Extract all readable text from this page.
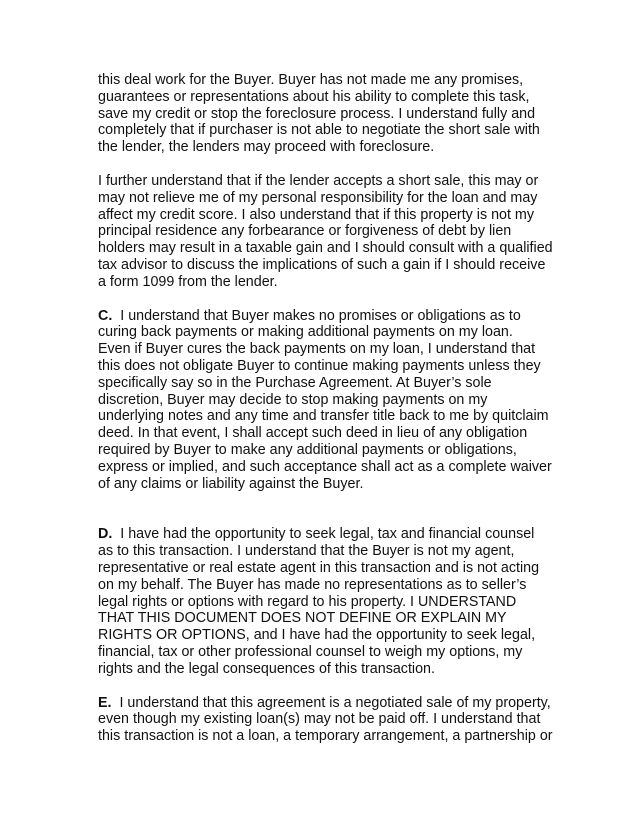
this deal work for the Buyer. Buyer has not made me any promises,
guarantees or representations about his ability to complete this task,
save my credit or stop the foreclosure process. I understand fully and
completely that if purchaser is not able to negotiate the short sale with
the lender, the lenders may proceed with foreclosure.

I further understand that if the lender accepts a short sale, this may or
may not relieve me of my personal responsibility for the loan and may
affect my credit score. I also understand that if this property is not my
principal residence any forbearance or forgiveness of debt by lien
holders may result in a taxable gain and I should consult with a qualified
tax advisor to discuss the implications of such a gain if I should receive
a form 1099 from the lender.

C.  I understand that Buyer makes no promises or obligations as to
curing back payments or making additional payments on my loan.
Even if Buyer cures the back payments on my loan, I understand that
this does not obligate Buyer to continue making payments unless they
specifically say so in the Purchase Agreement. At Buyer’s sole
discretion, Buyer may decide to stop making payments on my
underlying notes and any time and transfer title back to me by quitclaim
deed. In that event, I shall accept such deed in lieu of any obligation
required by Buyer to make any additional payments or obligations,
express or implied, and such acceptance shall act as a complete waiver
of any claims or liability against the Buyer.

D.  I have had the opportunity to seek legal, tax and financial counsel
as to this transaction. I understand that the Buyer is not my agent,
representative or real estate agent in this transaction and is not acting
on my behalf. The Buyer has made no representations as to seller’s
legal rights or options with regard to his property. I UNDERSTAND
THAT THIS DOCUMENT DOES NOT DEFINE OR EXPLAIN MY
RIGHTS OR OPTIONS, and I have had the opportunity to seek legal,
financial, tax or other professional counsel to weigh my options, my
rights and the legal consequences of this transaction.

E.  I understand that this agreement is a negotiated sale of my property,
even though my existing loan(s) may not be paid off. I understand that
this transaction is not a loan, a temporary arrangement, a partnership or
